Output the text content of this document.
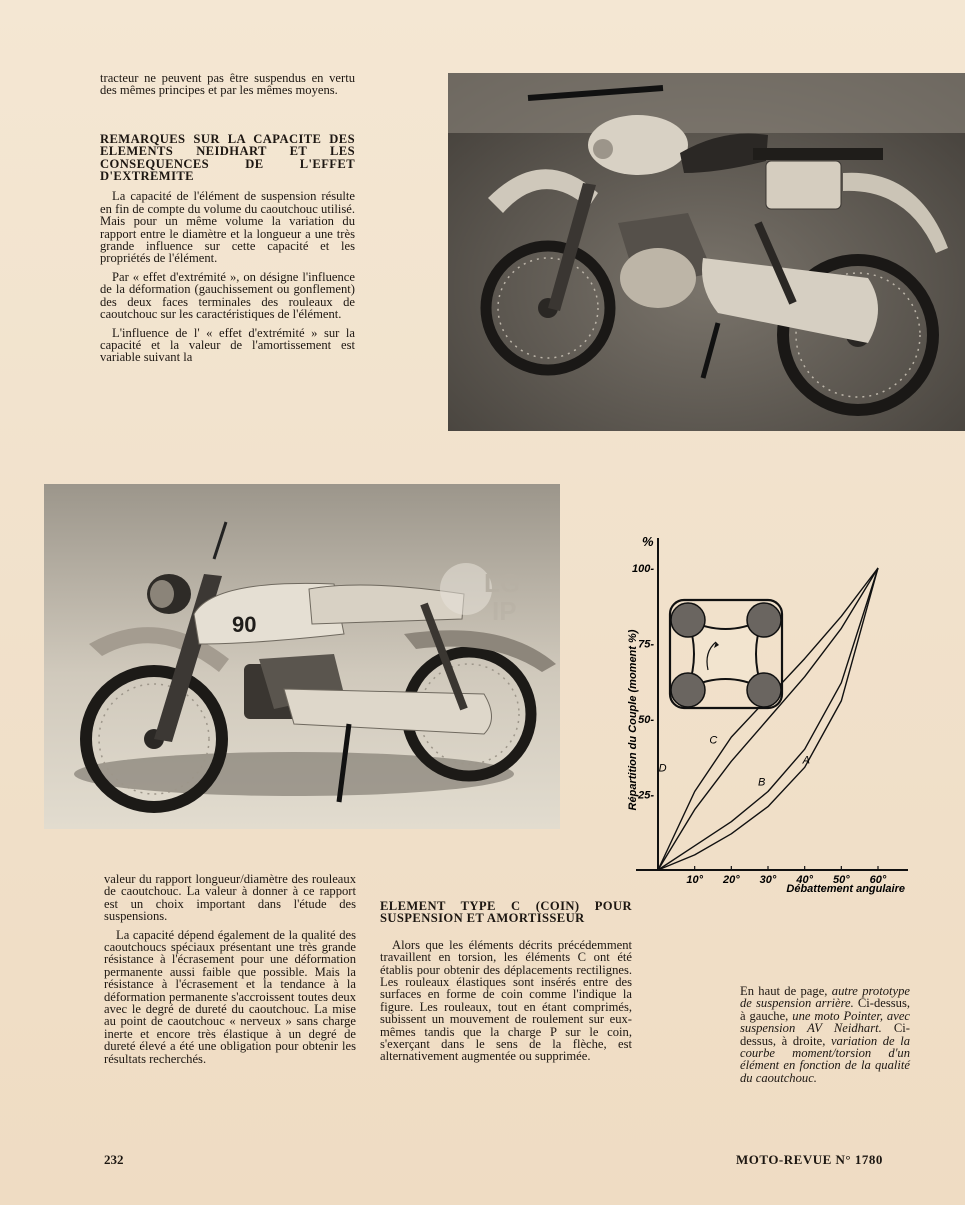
tracteur ne peuvent pas être suspendus en vertu des mêmes principes et par les mêmes moyens.

REMARQUES SUR LA CAPACITE DES ELEMENTS NEIDHART ET LES CONSEQUENCES DE L'EFFET D'EXTREMITE

La capacité de l'élément de suspension résulte en fin de compte du volume du caoutchouc utilisé. Mais pour un même volume la variation du rapport entre le diamètre et la longueur a une très grande influence sur cette capacité et les propriétés de l'élément.

Par « effet d'extrémité », on désigne l'influence de la déformation (gauchissement ou gonflement) des deux faces terminales des rouleaux de caoutchouc sur les caractéristiques de l'élément.

L'influence de l' « effet d'extrémité » sur la capacité et la valeur de l'amortissement est variable suivant la

90
LG
IP
%
Répartition du Couple (moment %)
Débattement angulaire
25-
50-
75-
100-
10° 20° 30° 40° 50° 60°
D
C
B
A

valeur du rapport longueur/diamètre des rouleaux de caoutchouc. La valeur à donner à ce rapport est un choix important dans l'étude des suspensions.

La capacité dépend également de la qualité des caoutchoucs spéciaux présentant une très grande résistance à l'écrasement pour une déformation permanente aussi faible que possible. Mais la résistance à l'écrasement et la tendance à la déformation permanente s'accroissent toutes deux avec le degré de dureté du caoutchouc. La mise au point de caoutchouc « nerveux » sans charge inerte et encore très élastique à un degré de dureté élevé a été une obligation pour obtenir les résultats recherchés.

ELEMENT TYPE C (COIN) POUR SUSPENSION ET AMORTISSEUR

Alors que les éléments décrits précédemment travaillent en torsion, les éléments C ont été établis pour obtenir des déplacements rectilignes. Les rouleaux élastiques sont insérés entre des surfaces en forme de coin comme l'indique la figure. Les rouleaux, tout en étant comprimés, subissent un mouvement de roulement sur eux-mêmes tandis que la charge P sur le coin, s'exerçant dans le sens de la flèche, est alternativement augmentée ou supprimée.

En haut de page, autre prototype de suspension arrière. Ci-dessus, à gauche, une moto Pointer, avec suspension AV Neidhart. Ci-dessus, à droite, variation de la courbe moment/torsion d'un élément en fonction de la qualité du caoutchouc.
232	MOTO-REVUE N° 1780
